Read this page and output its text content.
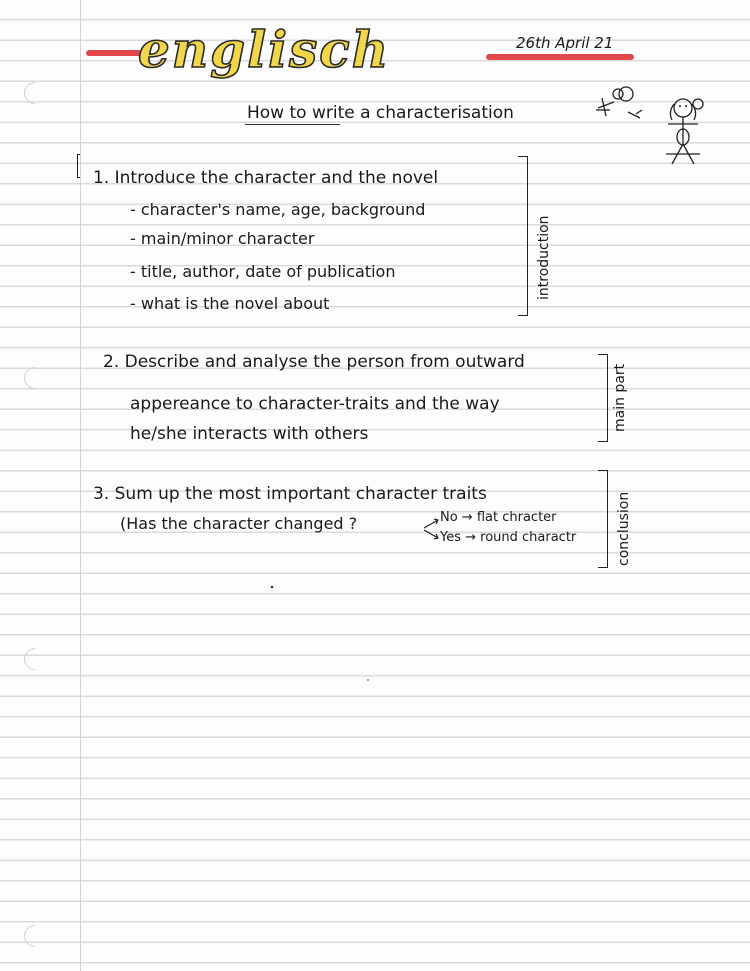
englisch	26th April 21
How to write a characterisation
1. Introduce the character and the novel
- character's name, age, background
- main/minor character
- title, author, date of publication
- what is the novel about
introduction
2. Describe and analyse the person from outward
appereance to character-traits and the way
he/she interacts with others
main part
3. Sum up the most important character traits
(Has the character changed ?	No → flat chracter
Yes → round charactr	conclusion
